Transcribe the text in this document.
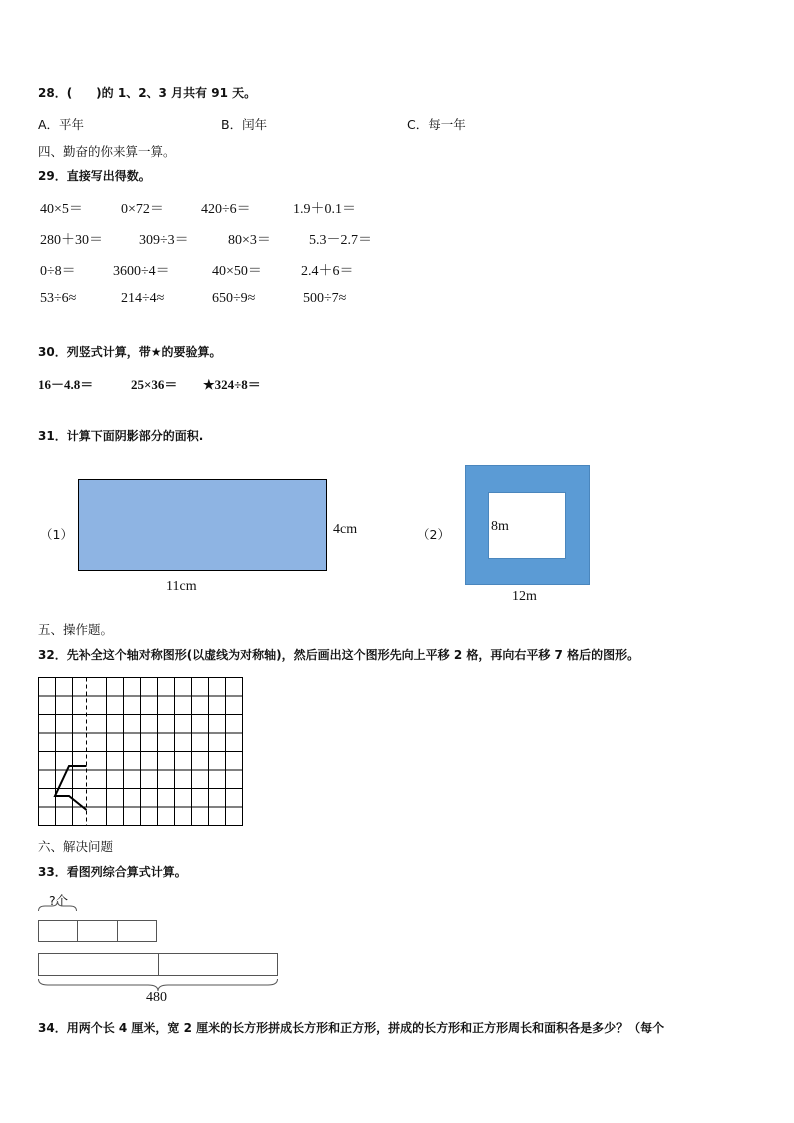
28．(　　)的 1、2、3 月共有 91 天。
A．平年	B．闰年	C．每一年
四、勤奋的你来算一算。
29．直接写出得数。
40×5＝	0×72＝	420÷6＝	1.9＋0.1＝
280＋30＝	309÷3＝	80×3＝	5.3－2.7＝
0÷8＝	3600÷4＝	40×50＝	2.4＋6＝
53÷6≈	214÷4≈	650÷9≈	500÷7≈
30．列竖式计算，带★的要验算。
16－4.8＝	25×36＝ ★324÷8＝
31．计算下面阴影部分的面积.
（1）	4cm
11cm
（2）
8m
12m
五、操作题。
32．先补全这个轴对称图形(以虚线为对称轴)，然后画出这个图形先向上平移 2 格，再向右平移 7 格后的图形。
六、解决问题
33．看图列综合算式计算。
?个
480
34．用两个长 4 厘米，宽 2 厘米的长方形拼成长方形和正方形，拼成的长方形和正方形周长和面积各是多少？（每个
